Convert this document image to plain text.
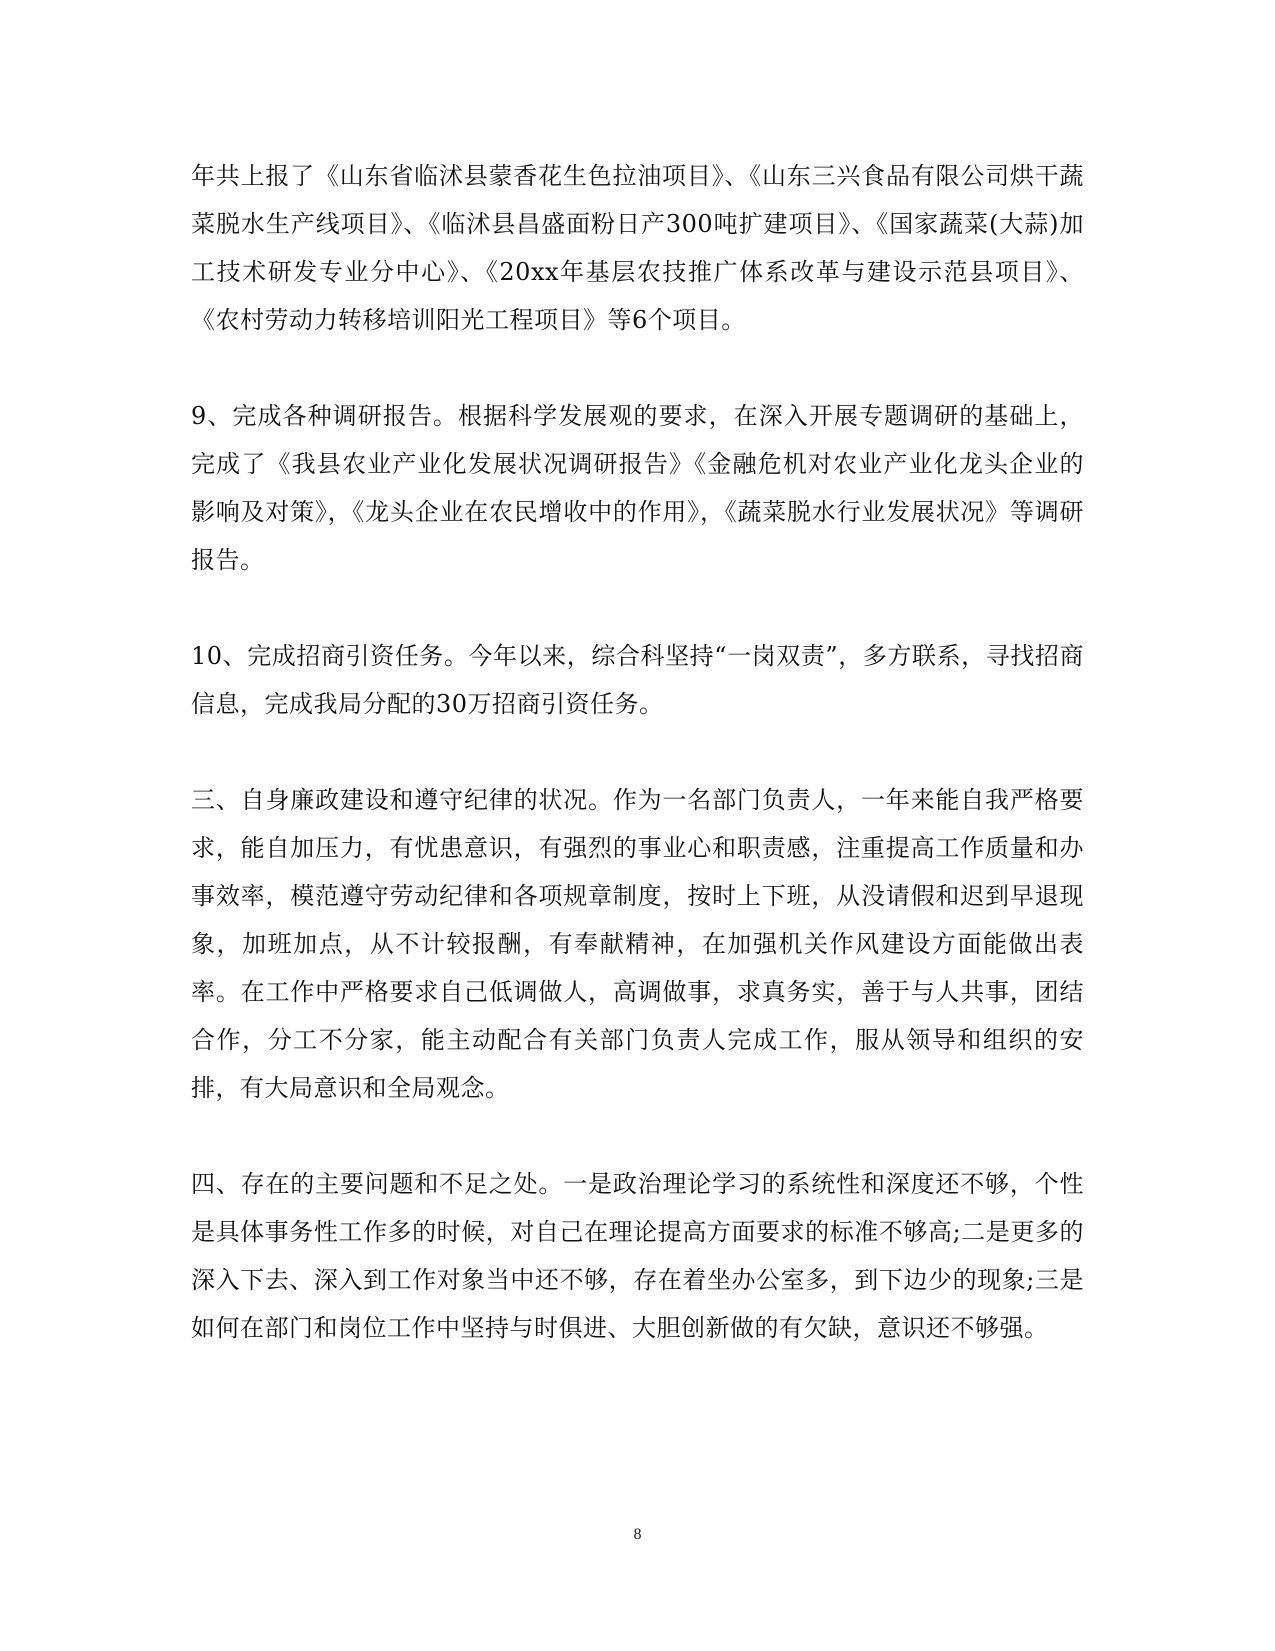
年共上报了《山东省临沭县蒙香花生色拉油项目》、《山东三兴食品有限公司烘干蔬菜脱水生产线项目》、《临沭县昌盛面粉日产300吨扩建项目》、《国家蔬菜(大蒜)加工技术研发专业分中心》、《20xx年基层农技推广体系改革与建设示范县项目》、《农村劳动力转移培训阳光工程项目》等6个项目。

9、完成各种调研报告。根据科学发展观的要求，在深入开展专题调研的基础上，完成了《我县农业产业化发展状况调研报告》《金融危机对农业产业化龙头企业的影响及对策》，《龙头企业在农民增收中的作用》，《蔬菜脱水行业发展状况》等调研报告。

10、完成招商引资任务。今年以来，综合科坚持“一岗双责”，多方联系，寻找招商信息，完成我局分配的30万招商引资任务。

三、自身廉政建设和遵守纪律的状况。作为一名部门负责人，一年来能自我严格要求，能自加压力，有忧患意识，有强烈的事业心和职责感，注重提高工作质量和办事效率，模范遵守劳动纪律和各项规章制度，按时上下班，从没请假和迟到早退现象，加班加点，从不计较报酬，有奉献精神，在加强机关作风建设方面能做出表率。在工作中严格要求自己低调做人，高调做事，求真务实，善于与人共事，团结合作，分工不分家，能主动配合有关部门负责人完成工作，服从领导和组织的安排，有大局意识和全局观念。

四、存在的主要问题和不足之处。一是政治理论学习的系统性和深度还不够，个性是具体事务性工作多的时候，对自己在理论提高方面要求的标准不够高;二是更多的深入下去、深入到工作对象当中还不够，存在着坐办公室多，到下边少的现象;三是如何在部门和岗位工作中坚持与时俱进、大胆创新做的有欠缺，意识还不够强。

8
